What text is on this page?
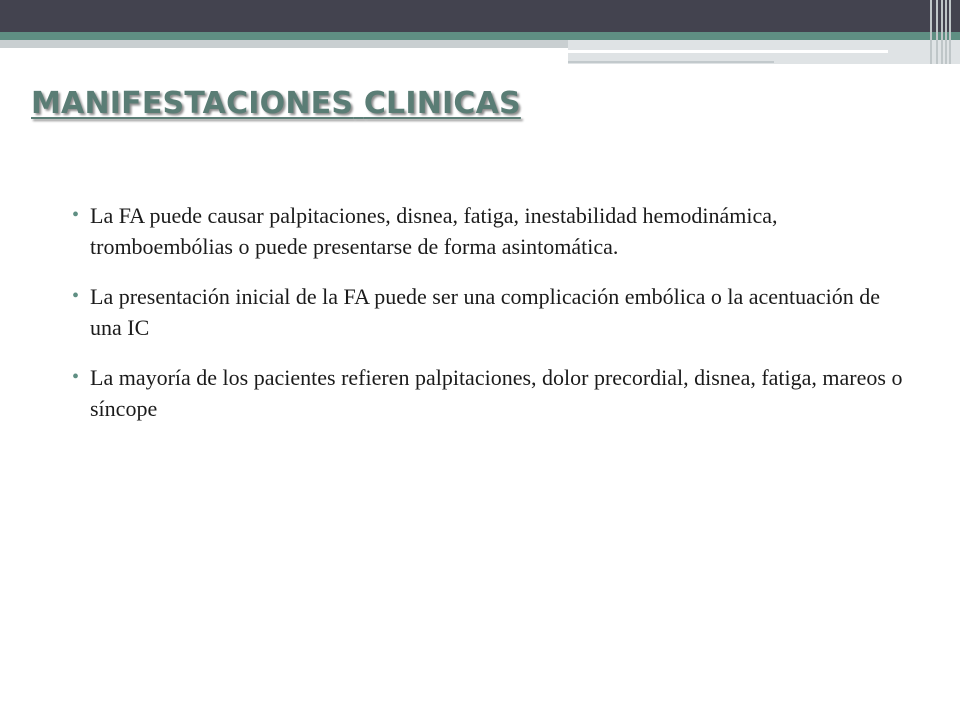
MANIFESTACIONES CLINICAS
• La FA puede causar palpitaciones, disnea, fatiga, inestabilidad hemodinámica, tromboembólias o puede presentarse de forma asintomática.
• La presentación inicial de la FA puede ser una complicación embólica o la acentuación de una IC
• La mayoría de los pacientes refieren palpitaciones, dolor precordial, disnea, fatiga, mareos o síncope
